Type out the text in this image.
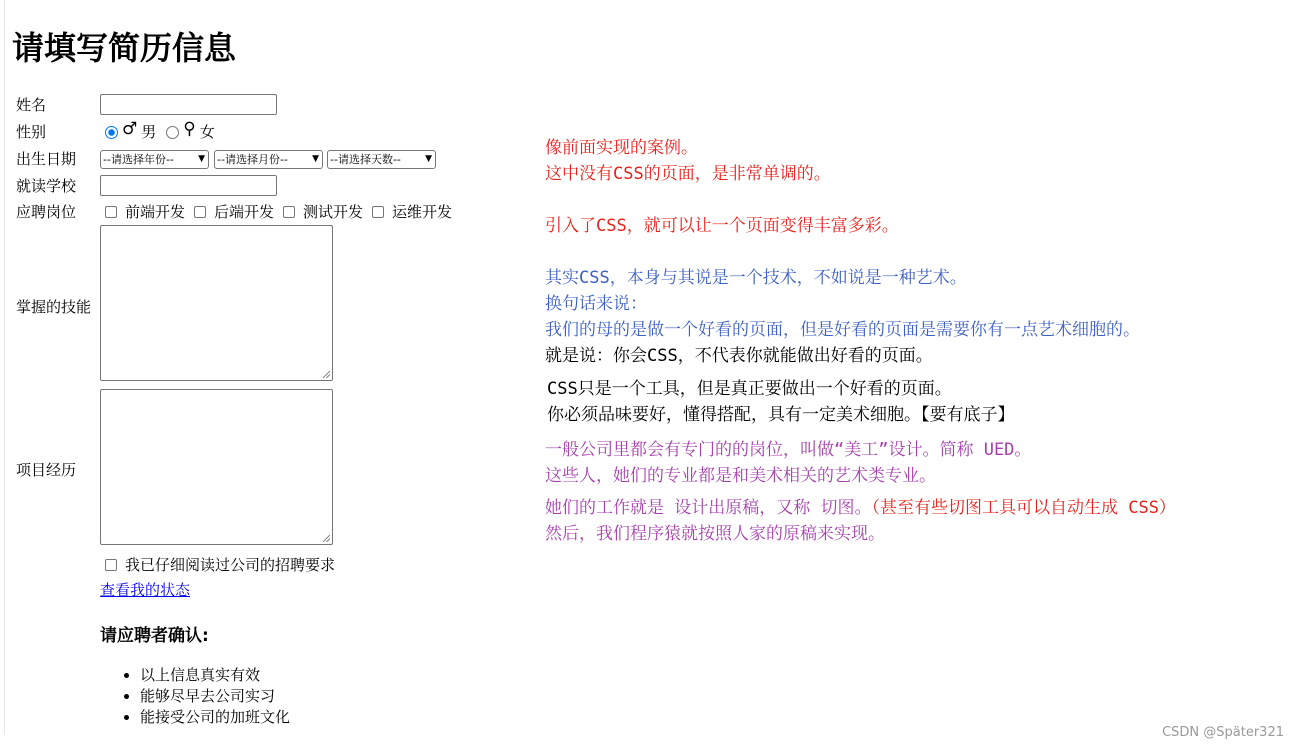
请填写简历信息
姓名
性别	♂ 男 ⚲ 女
出生日期 --请选择年份--	▼ --请选择月份--	▼ --请选择天数--	▼
就读学校
应聘岗位	前端开发 后端开发 测试开发 运维开发
掌握的技能
项目经历
我已仔细阅读过公司的招聘要求
查看我的状态
请应聘者确认:
• 以上信息真实有效
• 能够尽早去公司实习
• 能接受公司的加班文化

像前面实现的案例。

这中没有CSS的页面，是非常单调的。

引入了CSS，就可以让一个页面变得丰富多彩。

其实CSS，本身与其说是一个技术，不如说是一种艺术。

换句话来说：

我们的母的是做一个好看的页面，但是好看的页面是需要你有一点艺术细胞的。

就是说：你会CSS，不代表你就能做出好看的页面。

CSS只是一个工具，但是真正要做出一个好看的页面。

你必须品味要好，懂得搭配，具有一定美术细胞。【要有底子】

一般公司里都会有专门的的岗位，叫做“美工”设计。简称 UED。

这些人，她们的专业都是和美术相关的艺术类专业。

她们的工作就是 设计出原稿，又称 切图。（甚至有些切图工具可以自动生成 CSS）

然后，我们程序猿就按照人家的原稿来实现。

CSDN @Später321
